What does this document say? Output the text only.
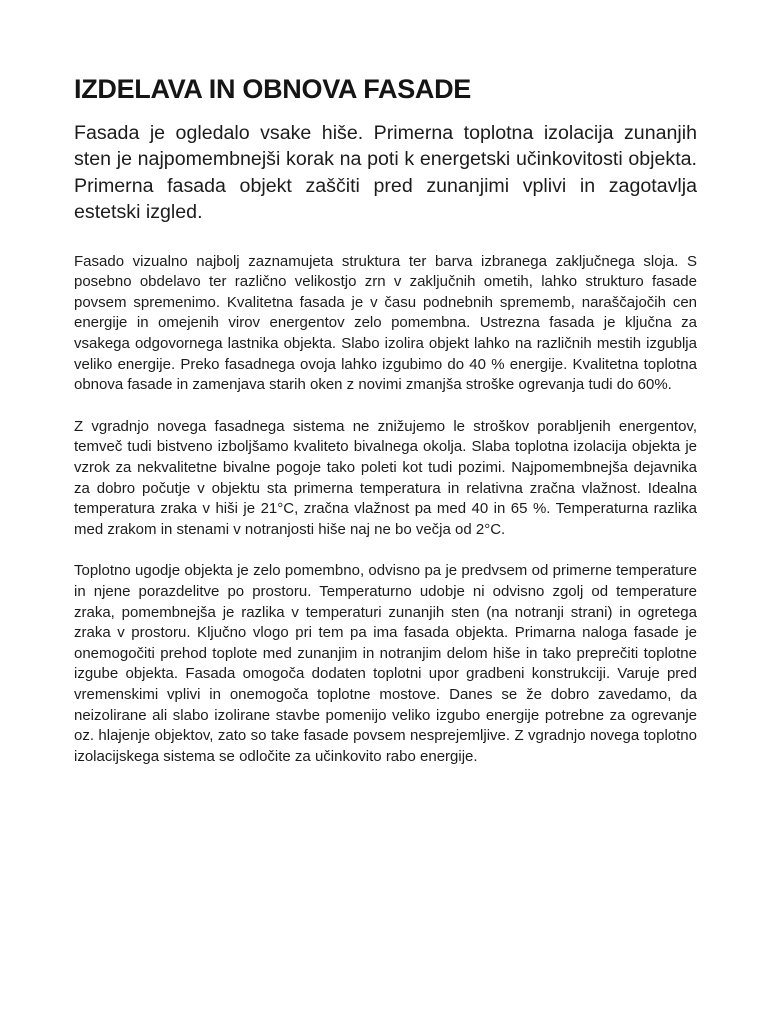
IZDELAVA IN OBNOVA FASADE

Fasada je ogledalo vsake hiše. Primerna toplotna izolacija zunanjih sten je najpomembnejši korak na poti k energetski učinkovitosti objekta. Primerna fasada objekt zaščiti pred zunanjimi vplivi in zagotavlja estetski izgled.

Fasado vizualno najbolj zaznamujeta struktura ter barva izbranega zaključnega sloja. S posebno obdelavo ter različno velikostjo zrn v zaključnih ometih, lahko strukturo fasade povsem spremenimo. Kvalitetna fasada je v času podnebnih sprememb, naraščajočih cen energije in omejenih virov energentov zelo pomembna. Ustrezna fasada je ključna za vsakega odgovornega lastnika objekta. Slabo izolira objekt lahko na različnih mestih izgublja veliko energije. Preko fasadnega ovoja lahko izgubimo do 40 % energije. Kvalitetna toplotna obnova fasade in zamenjava starih oken z novimi zmanjša stroške ogrevanja tudi do 60%.

Z vgradnjo novega fasadnega sistema ne znižujemo le stroškov porabljenih energentov, temveč tudi bistveno izboljšamo kvaliteto bivalnega okolja. Slaba toplotna izolacija objekta je vzrok za nekvalitetne bivalne pogoje tako poleti kot tudi pozimi. Najpomembnejša dejavnika za dobro počutje v objektu sta primerna temperatura in relativna zračna vlažnost. Idealna temperatura zraka v hiši je 21°C, zračna vlažnost pa med 40 in 65 %. Temperaturna razlika med zrakom in stenami v notranjosti hiše naj ne bo večja od 2°C.

Toplotno ugodje objekta je zelo pomembno, odvisno pa je predvsem od primerne temperature in njene porazdelitve po prostoru. Temperaturno udobje ni odvisno zgolj od temperature zraka, pomembnejša je razlika v temperaturi zunanjih sten (na notranji strani) in ogretega zraka v prostoru. Ključno vlogo pri tem pa ima fasada objekta. Primarna naloga fasade je onemogočiti prehod toplote med zunanjim in notranjim delom hiše in tako preprečiti toplotne izgube objekta. Fasada omogoča dodaten toplotni upor gradbeni konstrukciji. Varuje pred vremenskimi vplivi in onemogoča toplotne mostove. Danes se že dobro zavedamo, da neizolirane ali slabo izolirane stavbe pomenijo veliko izgubo energije potrebne za ogrevanje oz. hlajenje objektov, zato so take fasade povsem nesprejemljive. Z vgradnjo novega toplotno izolacijskega sistema se odločite za učinkovito rabo energije.
